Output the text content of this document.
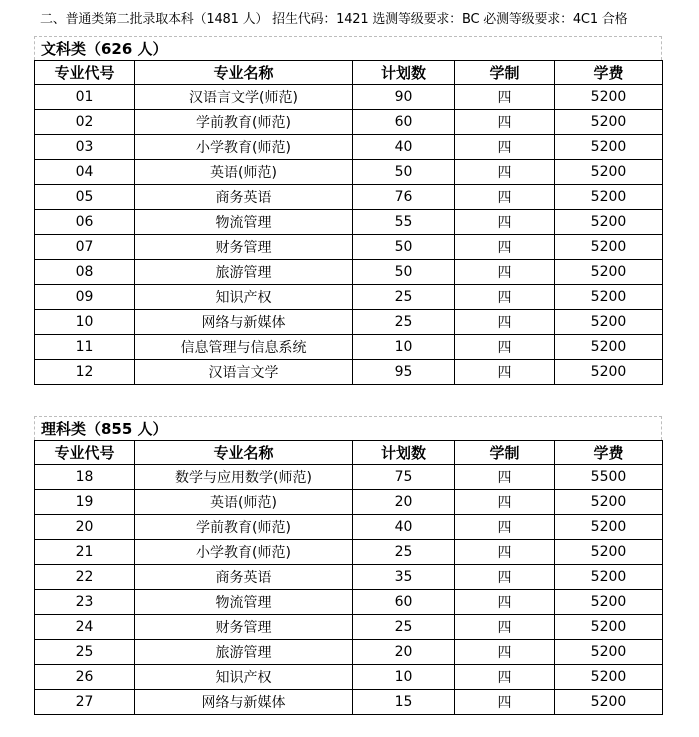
二、普通类第二批录取本科（1481 人） 招生代码：1421 选测等级要求：BC 必测等级要求：4C1 合格
文科类（626 人）
专业代号	专业名称	计划数	学制	学费
01	汉语言文学(师范)	90	四	5200
02	学前教育(师范)	60	四	5200
03	小学教育(师范)	40	四	5200
04	英语(师范)	50	四	5200
05	商务英语	76	四	5200
06	物流管理	55	四	5200
07	财务管理	50	四	5200
08	旅游管理	50	四	5200
09	知识产权	25	四	5200
10	网络与新媒体	25	四	5200
11	信息管理与信息系统	10	四	5200
12	汉语言文学	95	四	5200
理科类（855 人）
专业代号	专业名称	计划数	学制	学费
18	数学与应用数学(师范)	75	四	5500
19	英语(师范)	20	四	5200
20	学前教育(师范)	40	四	5200
21	小学教育(师范)	25	四	5200
22	商务英语	35	四	5200
23	物流管理	60	四	5200
24	财务管理	25	四	5200
25	旅游管理	20	四	5200
26	知识产权	10	四	5200
27	网络与新媒体	15	四	5200
